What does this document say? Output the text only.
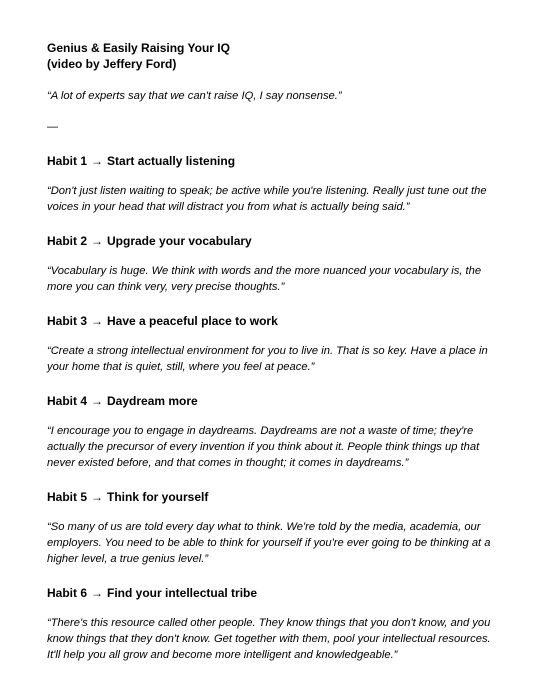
Genius & Easily Raising Your IQ
(video by Jeffery Ford)
“A lot of experts say that we can't raise IQ, I say nonsense.”
—
Habit 1 → Start actually listening
“Don't just listen waiting to speak; be active while you're listening. Really just tune out the voices in your head that will distract you from what is actually being said.”
Habit 2 → Upgrade your vocabulary
“Vocabulary is huge. We think with words and the more nuanced your vocabulary is, the more you can think very, very precise thoughts.”
Habit 3 → Have a peaceful place to work
“Create a strong intellectual environment for you to live in. That is so key. Have a place in your home that is quiet, still, where you feel at peace.”
Habit 4 → Daydream more
“I encourage you to engage in daydreams. Daydreams are not a waste of time; they're actually the precursor of every invention if you think about it. People think things up that never existed before, and that comes in thought; it comes in daydreams.”
Habit 5 → Think for yourself
“So many of us are told every day what to think. We're told by the media, academia, our employers. You need to be able to think for yourself if you're ever going to be thinking at a higher level, a true genius level.”
Habit 6 → Find your intellectual tribe
“There's this resource called other people. They know things that you don't know, and you know things that they don't know. Get together with them, pool your intellectual resources. It'll help you all grow and become more intelligent and knowledgeable.”
